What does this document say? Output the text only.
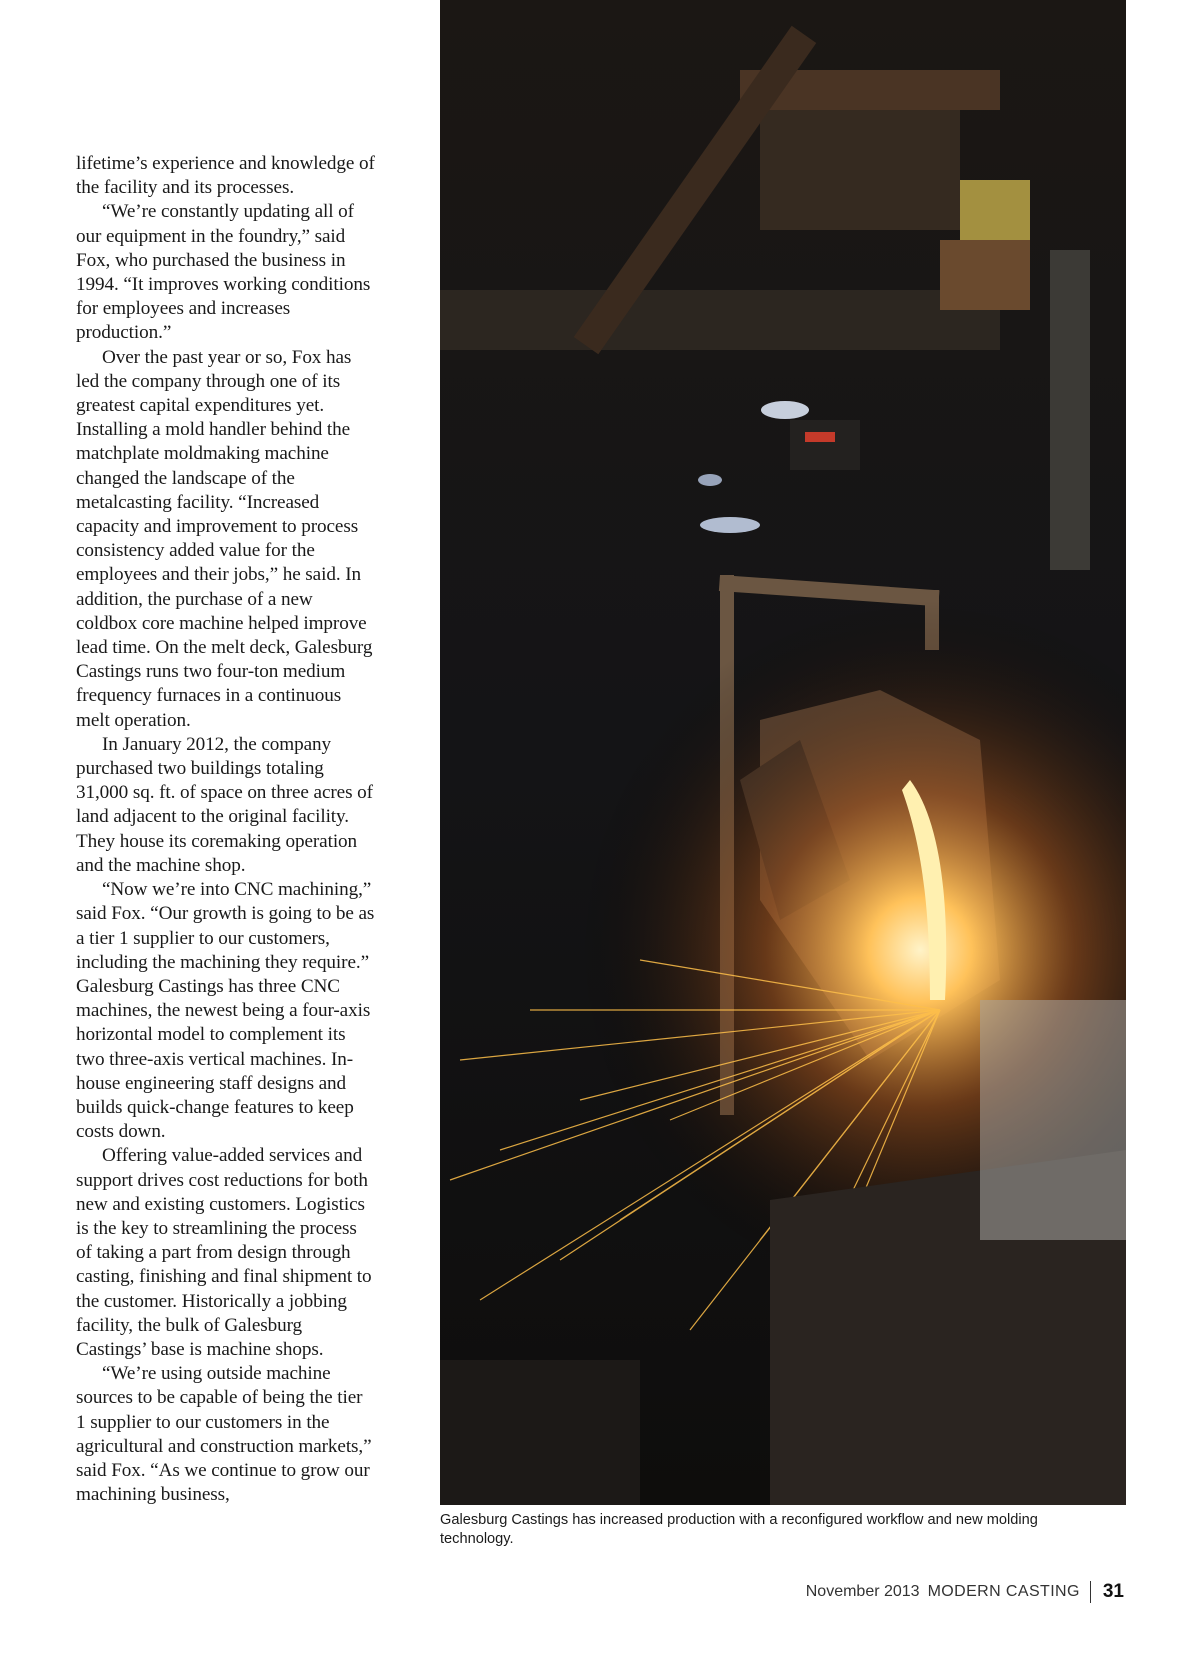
lifetime’s experience and knowledge of the facility and its processes.

“We’re constantly updating all of our equipment in the foundry,” said Fox, who purchased the business in 1994. “It improves working conditions for employees and increases production.”

Over the past year or so, Fox has led the company through one of its greatest capital expenditures yet. Installing a mold handler behind the matchplate moldmaking machine changed the landscape of the metalcasting facility. “Increased capacity and improvement to process consistency added value for the employees and their jobs,” he said. In addition, the purchase of a new coldbox core machine helped improve lead time. On the melt deck, Galesburg Castings runs two four-ton medium frequency furnaces in a continuous melt operation.

In January 2012, the company purchased two buildings totaling 31,000 sq. ft. of space on three acres of land adjacent to the original facility. They house its coremaking operation and the machine shop.

“Now we’re into CNC machining,” said Fox. “Our growth is going to be as a tier 1 supplier to our customers, including the machining they require.” Galesburg Castings has three CNC machines, the newest being a four-axis horizontal model to complement its two three-axis vertical machines. In-house engineering staff designs and builds quick-change features to keep costs down.

Offering value-added services and support drives cost reductions for both new and existing customers. Logistics is the key to streamlining the process of taking a part from design through casting, finishing and final shipment to the customer. Historically a jobbing facility, the bulk of Galesburg Castings’ base is machine shops.

“We’re using outside machine sources to be capable of being the tier 1 supplier to our customers in the agricultural and construction markets,” said Fox. “As we continue to grow our machining business,

Galesburg Castings has increased production with a reconfigured workflow and new molding technology.
November 2013 MODERN CASTING 31
